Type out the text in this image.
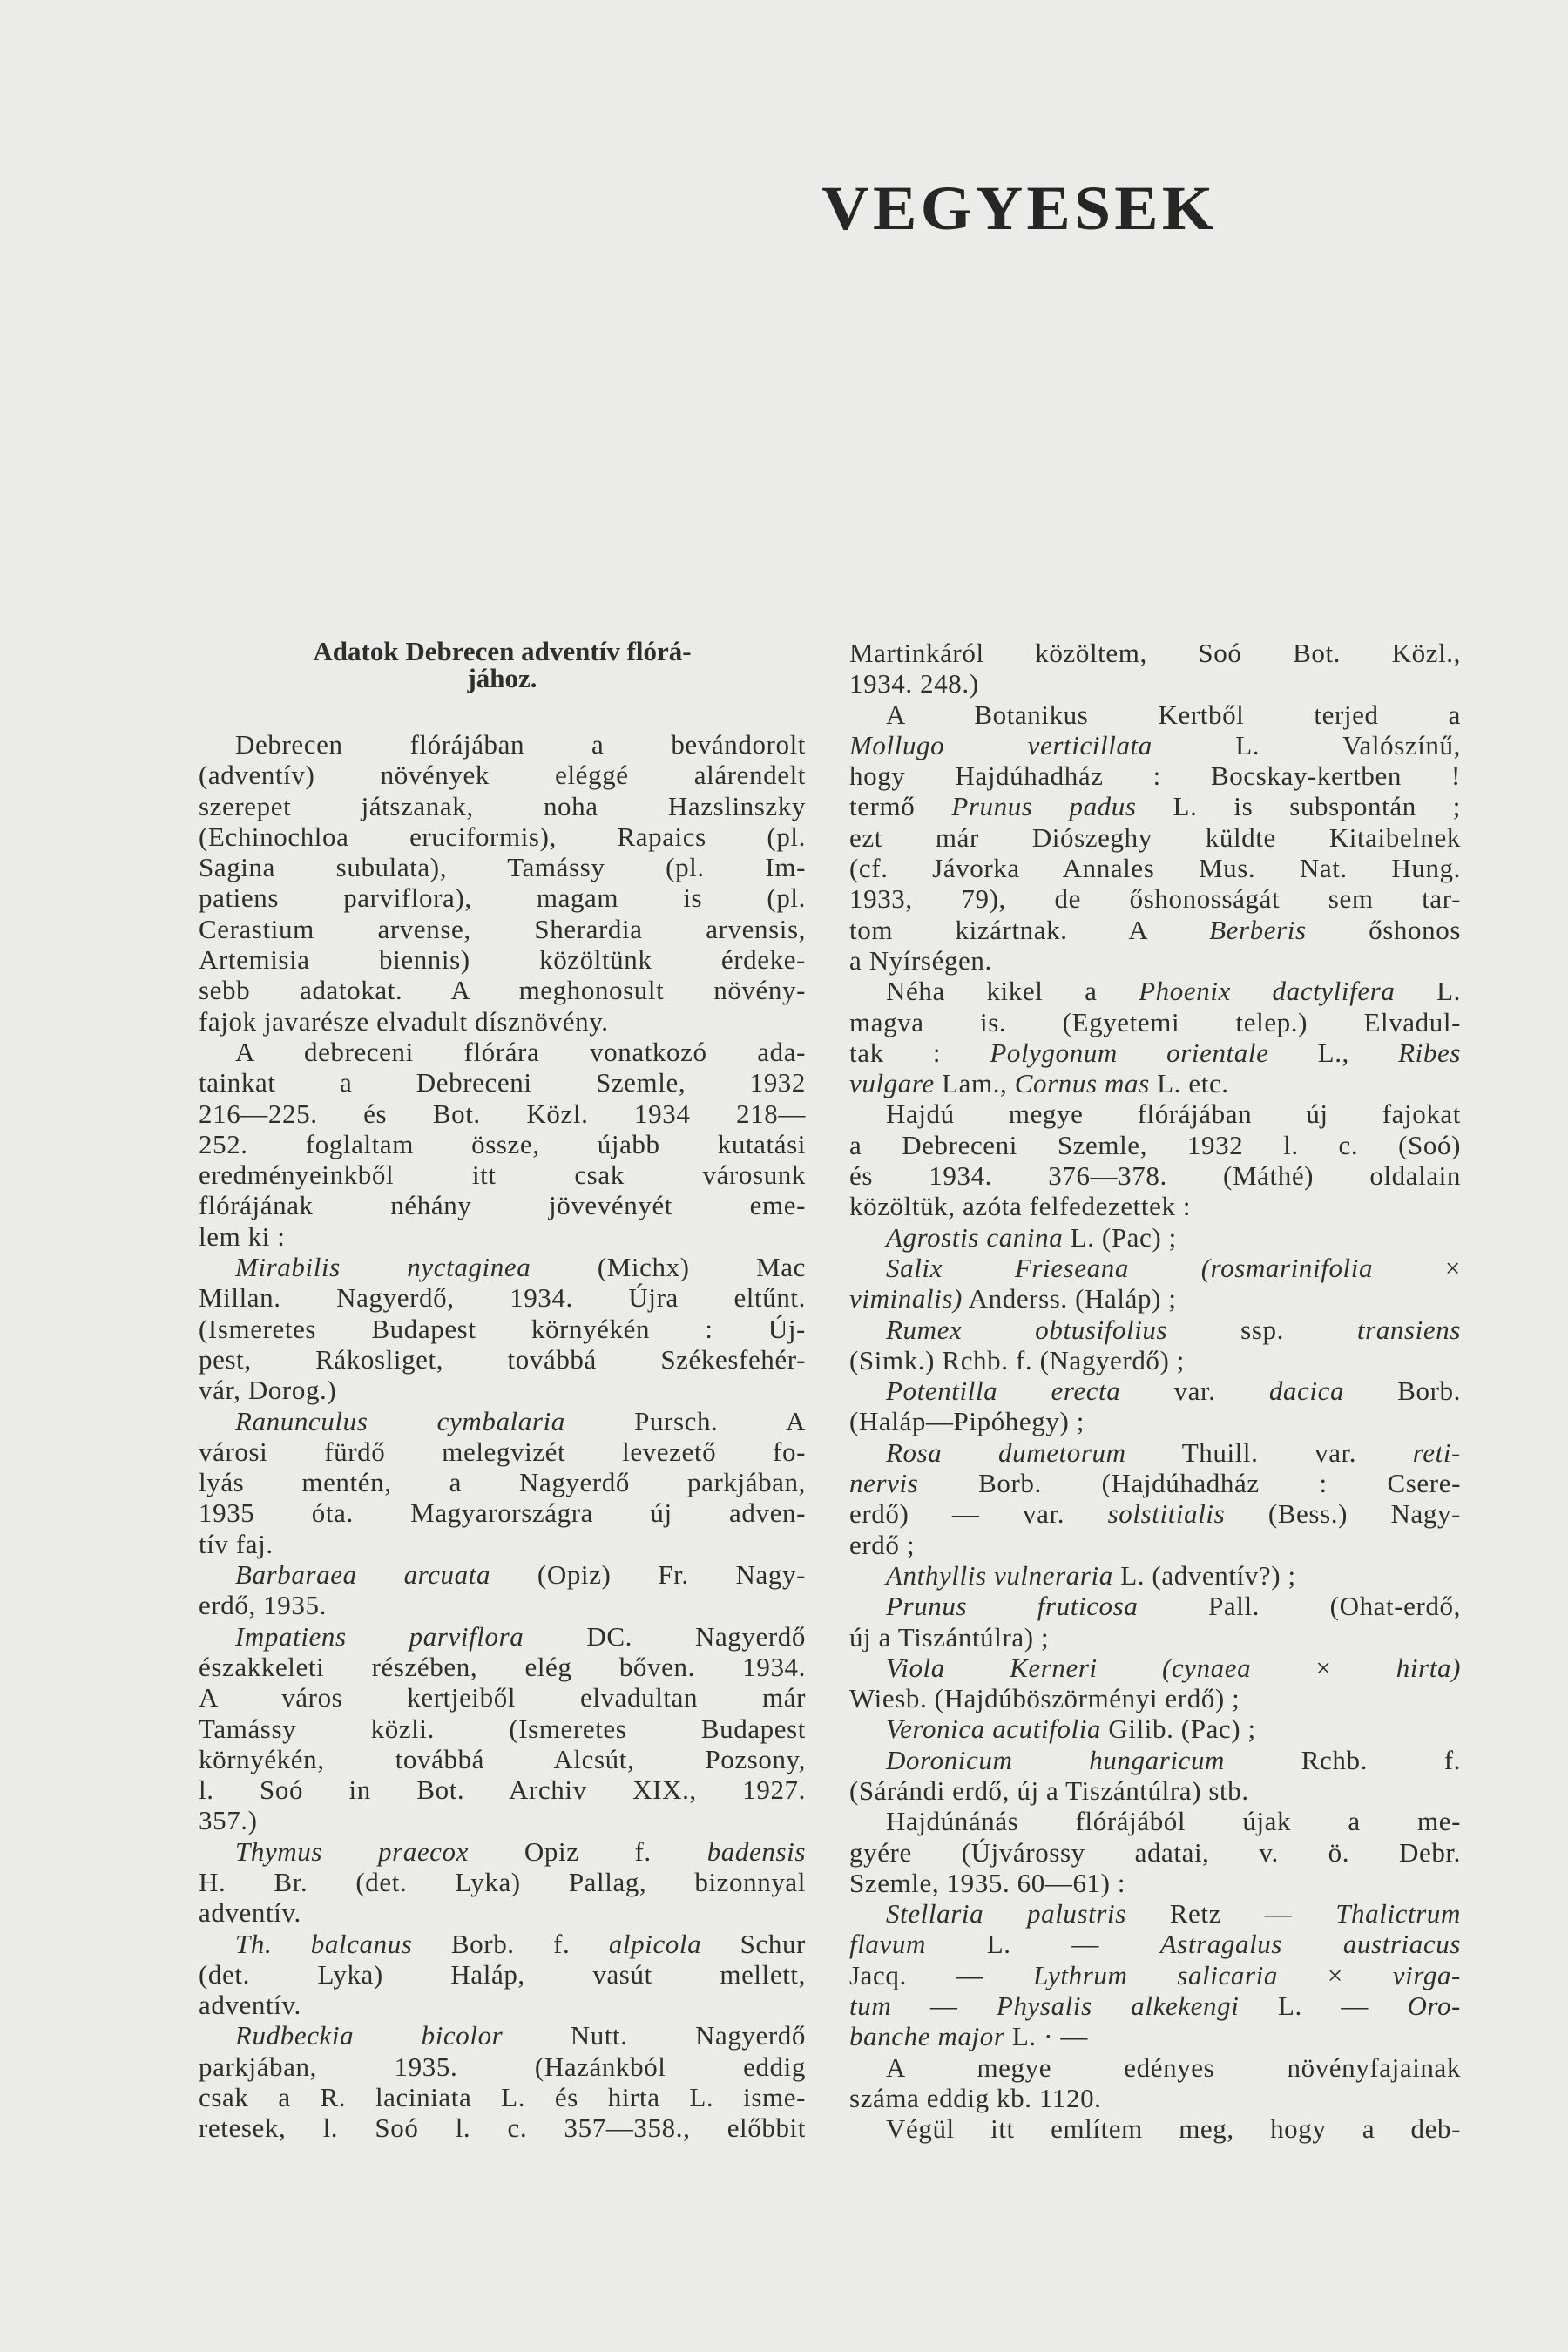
VEGYESEK
Adatok Debrecen adventív flórá-
jához.
Debrecen flórájában a bevándorolt
(adventív) növények eléggé alárendelt
szerepet játszanak, noha Hazslinszky
(Echinochloa eruciformis), Rapaics (pl.
Sagina subulata), Tamássy (pl. Im-
patiens parviflora), magam is (pl.
Cerastium arvense, Sherardia arvensis,
Artemisia biennis) közöltünk érdeke-
sebb adatokat. A meghonosult növény-
fajok javarésze elvadult dísznövény.
A debreceni flórára vonatkozó ada-
tainkat a Debreceni Szemle, 1932
216—225. és Bot. Közl. 1934 218—
252. foglaltam össze, újabb kutatási
eredményeinkből itt csak városunk
flórájának néhány jövevényét eme-
lem ki :
Mirabilis nyctaginea (Michx) Mac
Millan. Nagyerdő, 1934. Újra eltűnt.
(Ismeretes Budapest környékén : Új-
pest, Rákosliget, továbbá Székesfehér-
vár, Dorog.)
Ranunculus cymbalaria Pursch. A
városi fürdő melegvizét levezető fo-
lyás mentén, a Nagyerdő parkjában,
1935 óta. Magyarországra új adven-
tív faj.
Barbaraea arcuata (Opiz) Fr. Nagy-
erdő, 1935.
Impatiens parviflora DC. Nagyerdő
északkeleti részében, elég bőven. 1934.
A város kertjeiből elvadultan már
Tamássy közli. (Ismeretes Budapest
környékén, továbbá Alcsút, Pozsony,
l. Soó in Bot. Archiv XIX., 1927.
357.)
Thymus praecox Opiz f. badensis
H. Br. (det. Lyka) Pallag, bizonnyal
adventív.
Th. balcanus Borb. f. alpicola Schur
(det. Lyka) Haláp, vasút mellett,
adventív.
Rudbeckia bicolor Nutt. Nagyerdő
parkjában, 1935. (Hazánkból eddig
csak a R. laciniata L. és hirta L. isme-
retesek, l. Soó l. c. 357—358., előbbit
Martinkáról közöltem, Soó Bot. Közl.,
1934. 248.)
A Botanikus Kertből terjed a
Mollugo verticillata L. Valószínű,
hogy Hajdúhadház : Bocskay-kertben !
termő Prunus padus L. is subspontán ;
ezt már Diószeghy küldte Kitaibelnek
(cf. Jávorka Annales Mus. Nat. Hung.
1933, 79), de őshonosságát sem tar-
tom kizártnak. A Berberis őshonos
a Nyírségen.
Néha kikel a Phoenix dactylifera L.
magva is. (Egyetemi telep.) Elvadul-
tak : Polygonum orientale L., Ribes
vulgare Lam., Cornus mas L. etc.
Hajdú megye flórájában új fajokat
a Debreceni Szemle, 1932 l. c. (Soó)
és 1934. 376—378. (Máthé) oldalain
közöltük, azóta felfedezettek :
Agrostis canina L. (Pac) ;
Salix Frieseana (rosmarinifolia ×
viminalis) Anderss. (Haláp) ;
Rumex obtusifolius ssp. transiens
(Simk.) Rchb. f. (Nagyerdő) ;
Potentilla erecta var. dacica Borb.
(Haláp—Pipóhegy) ;
Rosa dumetorum Thuill. var. reti-
nervis Borb. (Hajdúhadház : Csere-
erdő) — var. solstitialis (Bess.) Nagy-
erdő ;
Anthyllis vulneraria L. (adventív?) ;
Prunus fruticosa Pall. (Ohat-erdő,
új a Tiszántúlra) ;
Viola Kerneri (cynaea × hirta)
Wiesb. (Hajdúböszörményi erdő) ;
Veronica acutifolia Gilib. (Pac) ;
Doronicum hungaricum Rchb. f.
(Sárándi erdő, új a Tiszántúlra) stb.
Hajdúnánás flórájából újak a me-
gyére (Újvárossy adatai, v. ö. Debr.
Szemle, 1935. 60—61) :
Stellaria palustris Retz — Thalictrum
flavum L. — Astragalus austriacus
Jacq. — Lythrum salicaria × virga-
tum — Physalis alkekengi L. — Oro-
banche major L. · —
A megye edényes növényfajainak
száma eddig kb. 1120.
Végül itt említem meg, hogy a deb-
